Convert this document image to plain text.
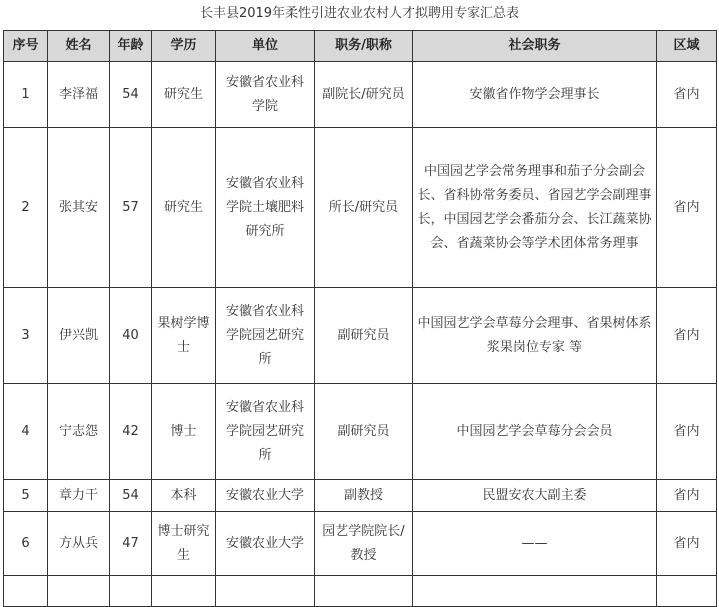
长丰县2019年柔性引进农业农村人才拟聘用专家汇总表
序号	姓名	年龄	学历	单位	职务/职称	社会职务	区域
1	李泽福	54	研究生	安徽省农业科学院	副院长/研究员	安徽省作物学会理事长	省内
2	张其安	57	研究生	安徽省农业科学院土壤肥料研究所	所长/研究员	中国园艺学会常务理事和茄子分会副会长、省科协常务委员、省园艺学会副理事长，中国园艺学会番茄分会、长江蔬菜协会、省蔬菜协会等学术团体常务理事	省内
3	伊兴凯	40	果树学博士	安徽省农业科学院园艺研究所	副研究员	中国园艺学会草莓分会理事、省果树体系浆果岗位专家 等	省内
4	宁志怨	42	博士	安徽省农业科学院园艺研究所	副研究员	中国园艺学会草莓分会会员	省内
5	章力干	54	本科	安徽农业大学	副教授	民盟安农大副主委	省内
6	方从兵	47	博士研究生	安徽农业大学	园艺学院院长/教授	——	省内
